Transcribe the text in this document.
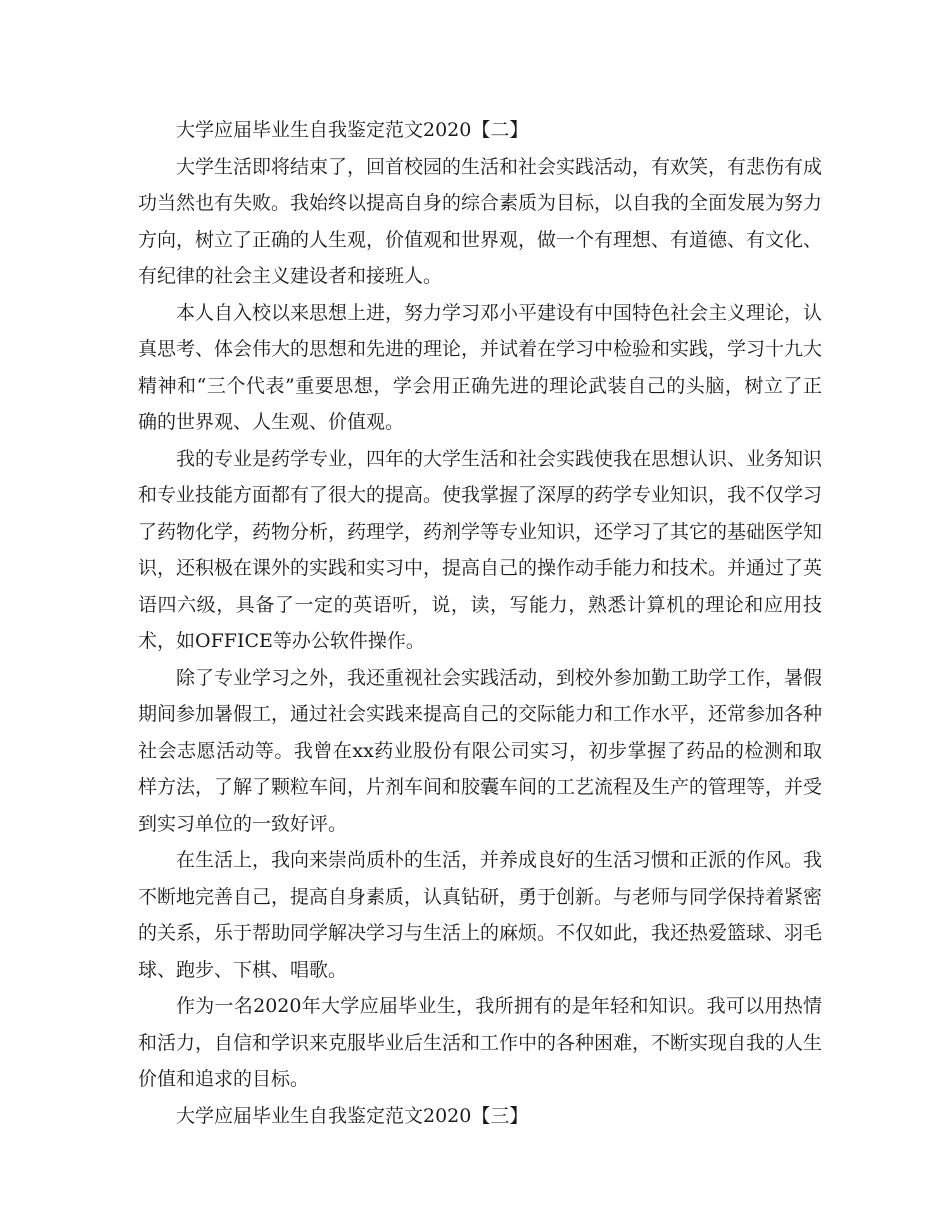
大学应届毕业生自我鉴定范文2020【二】

大学生活即将结束了，回首校园的生活和社会实践活动，有欢笑，有悲伤有成功当然也有失败。我始终以提高自身的综合素质为目标，以自我的全面发展为努力方向，树立了正确的人生观，价值观和世界观，做一个有理想、有道德、有文化、有纪律的社会主义建设者和接班人。

本人自入校以来思想上进，努力学习邓小平建设有中国特色社会主义理论，认真思考、体会伟大的思想和先进的理论，并试着在学习中检验和实践，学习十九大精神和“三个代表”重要思想，学会用正确先进的理论武装自己的头脑，树立了正确的世界观、人生观、价值观。

我的专业是药学专业，四年的大学生活和社会实践使我在思想认识、业务知识和专业技能方面都有了很大的提高。使我掌握了深厚的药学专业知识，我不仅学习了药物化学，药物分析，药理学，药剂学等专业知识，还学习了其它的基础医学知识，还积极在课外的实践和实习中，提高自己的操作动手能力和技术。并通过了英语四六级，具备了一定的英语听，说，读，写能力，熟悉计算机的理论和应用技术，如OFFICE等办公软件操作。

除了专业学习之外，我还重视社会实践活动，到校外参加勤工助学工作，暑假期间参加暑假工，通过社会实践来提高自己的交际能力和工作水平，还常参加各种社会志愿活动等。我曾在xx药业股份有限公司实习，初步掌握了药品的检测和取样方法，了解了颗粒车间，片剂车间和胶囊车间的工艺流程及生产的管理等，并受到实习单位的一致好评。

在生活上，我向来崇尚质朴的生活，并养成良好的生活习惯和正派的作风。我不断地完善自己，提高自身素质，认真钻研，勇于创新。与老师与同学保持着紧密的关系，乐于帮助同学解决学习与生活上的麻烦。不仅如此，我还热爱篮球、羽毛球、跑步、下棋、唱歌。

作为一名2020年大学应届毕业生，我所拥有的是年轻和知识。我可以用热情和活力，自信和学识来克服毕业后生活和工作中的各种困难，不断实现自我的人生价值和追求的目标。

大学应届毕业生自我鉴定范文2020【三】
